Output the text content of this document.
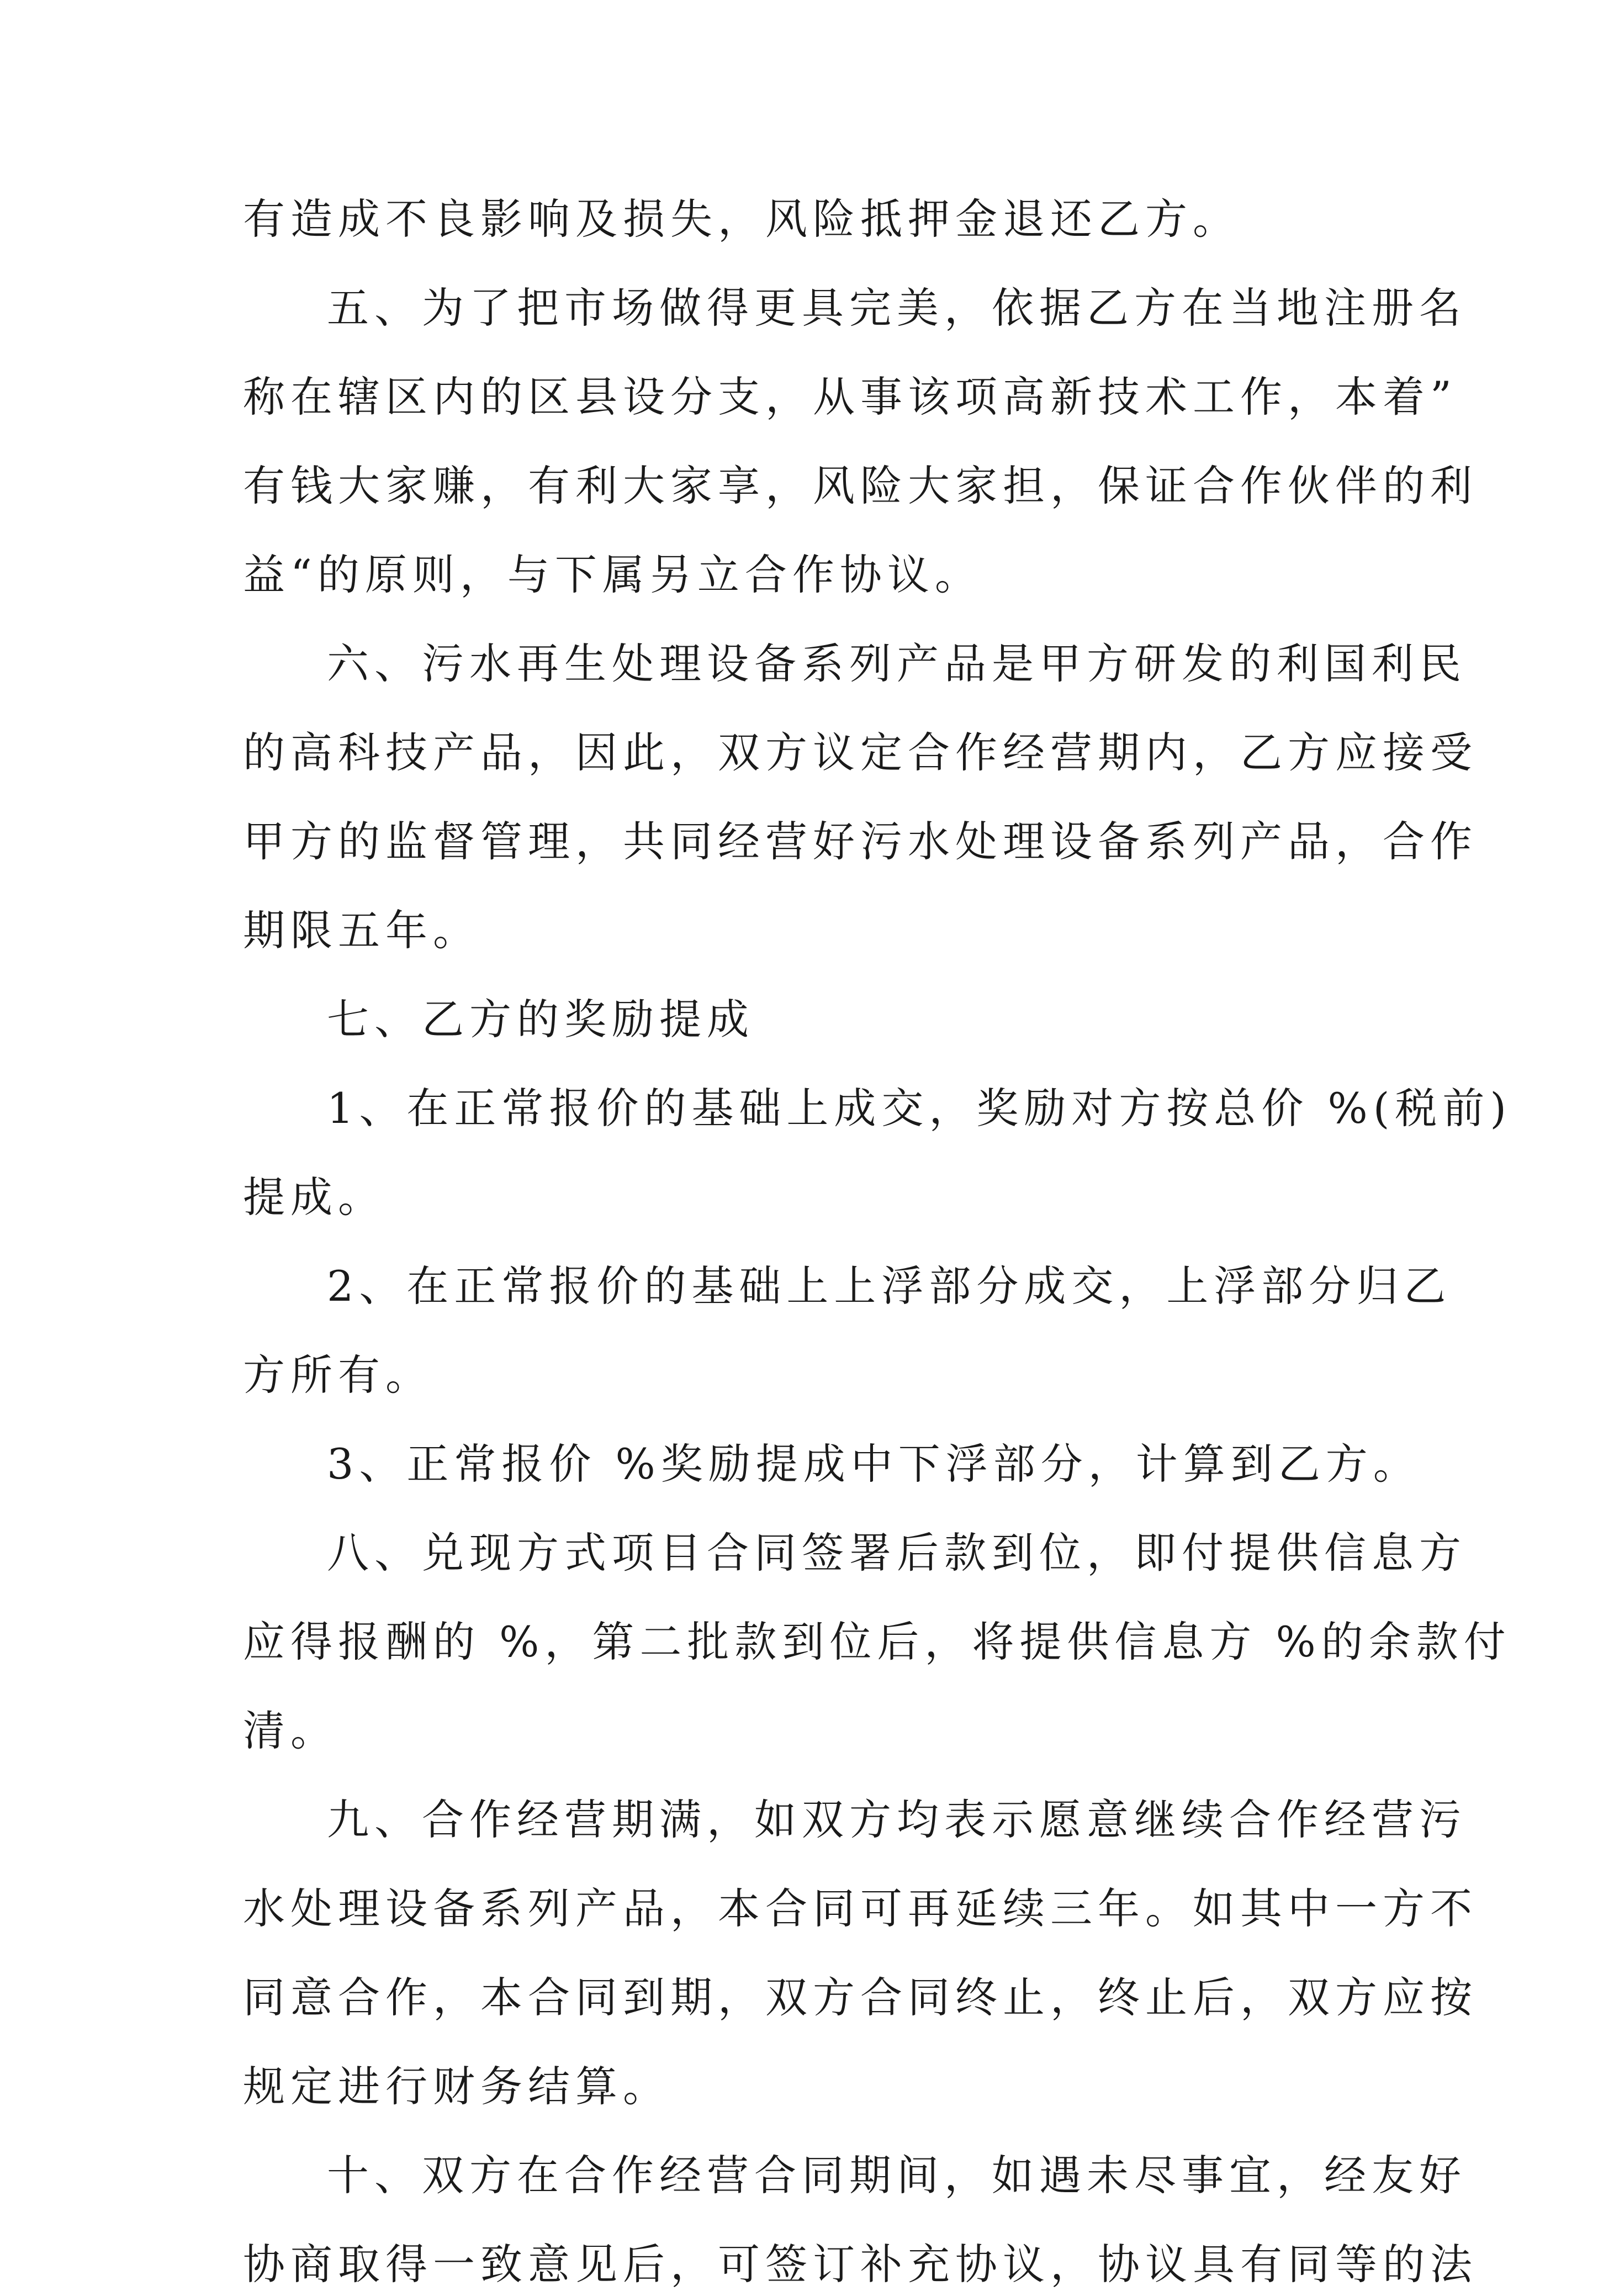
有造成不良影响及损失，风险抵押金退还乙方。

五、为了把市场做得更具完美，依据乙方在当地注册名

称在辖区内的区县设分支，从事该项高新技术工作，本着”

有钱大家赚，有利大家享，风险大家担，保证合作伙伴的利

益“的原则，与下属另立合作协议。

六、污水再生处理设备系列产品是甲方研发的利国利民

的高科技产品，因此，双方议定合作经营期内，乙方应接受

甲方的监督管理，共同经营好污水处理设备系列产品，合作

期限五年。

七、乙方的奖励提成

1、在正常报价的基础上成交，奖励对方按总价 %(税前)

提成。

2、在正常报价的基础上上浮部分成交，上浮部分归乙

方所有。

3、正常报价 %奖励提成中下浮部分，计算到乙方。

八、兑现方式项目合同签署后款到位，即付提供信息方

应得报酬的 %，第二批款到位后，将提供信息方 %的余款付

清。

九、合作经营期满，如双方均表示愿意继续合作经营污

水处理设备系列产品，本合同可再延续三年。如其中一方不

同意合作，本合同到期，双方合同终止，终止后，双方应按

规定进行财务结算。

十、双方在合作经营合同期间，如遇未尽事宜，经友好

协商取得一致意见后，可签订补充协议，协议具有同等的法
